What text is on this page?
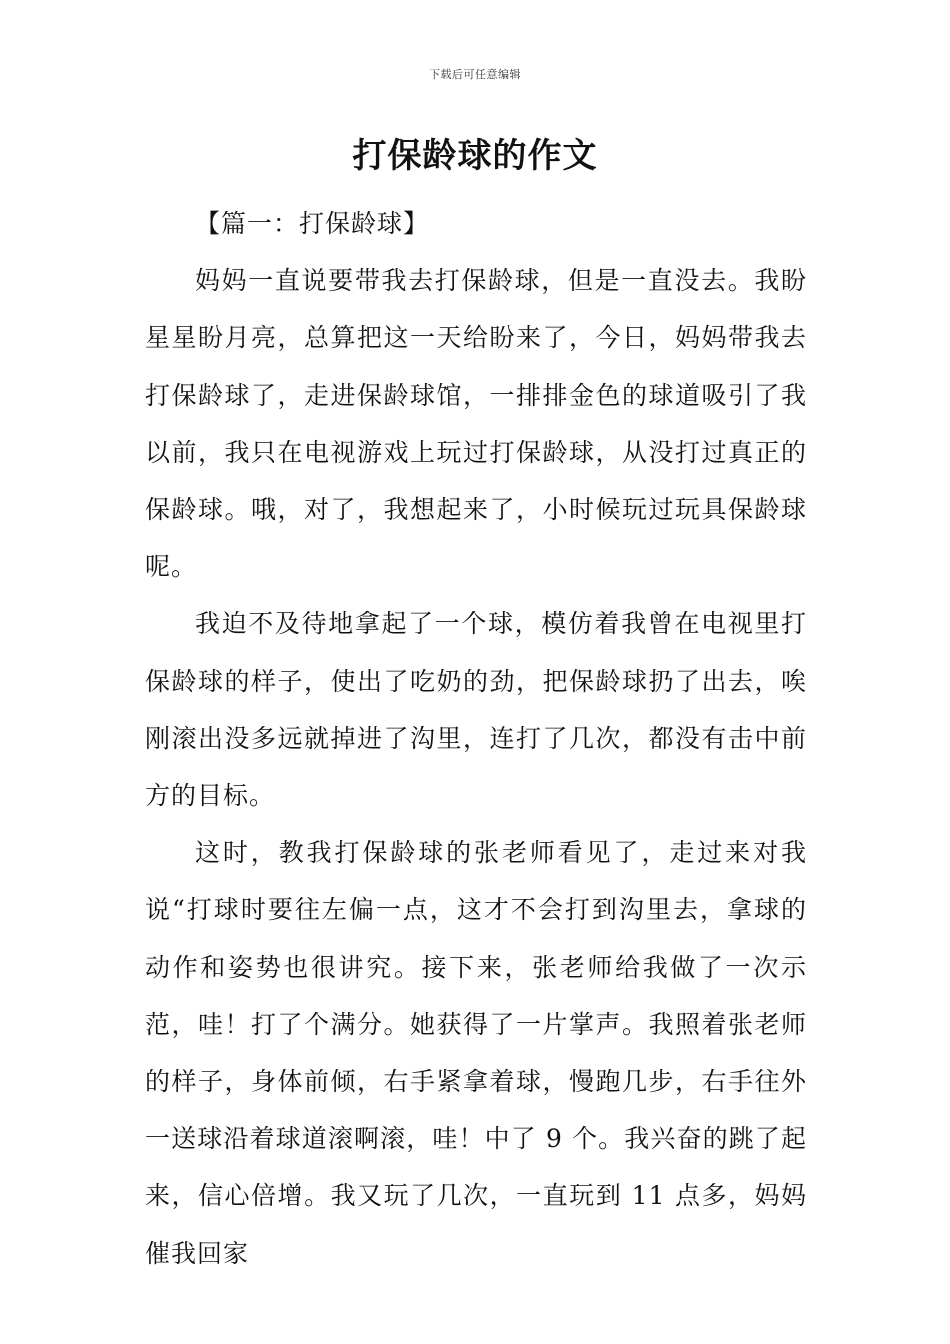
下载后可任意编辑
打保龄球的作文

【篇一：打保龄球】

妈妈一直说要带我去打保龄球，但是一直没去。我盼星星盼月亮，总算把这一天给盼来了，今日，妈妈带我去打保龄球了，走进保龄球馆，一排排金色的球道吸引了我以前，我只在电视游戏上玩过打保龄球，从没打过真正的保龄球。哦，对了，我想起来了，小时候玩过玩具保龄球呢。

我迫不及待地拿起了一个球，模仿着我曾在电视里打保龄球的样子，使出了吃奶的劲，把保龄球扔了出去，唉刚滚出没多远就掉进了沟里，连打了几次，都没有击中前方的目标。

这时，教我打保龄球的张老师看见了，走过来对我说“打球时要往左偏一点，这才不会打到沟里去，拿球的动作和姿势也很讲究。接下来，张老师给我做了一次示范，哇！打了个满分。她获得了一片掌声。我照着张老师的样子，身体前倾，右手紧拿着球，慢跑几步，右手往外一送球沿着球道滚啊滚，哇！中了 9 个。我兴奋的跳了起来，信心倍增。我又玩了几次，一直玩到 11 点多，妈妈催我回家
